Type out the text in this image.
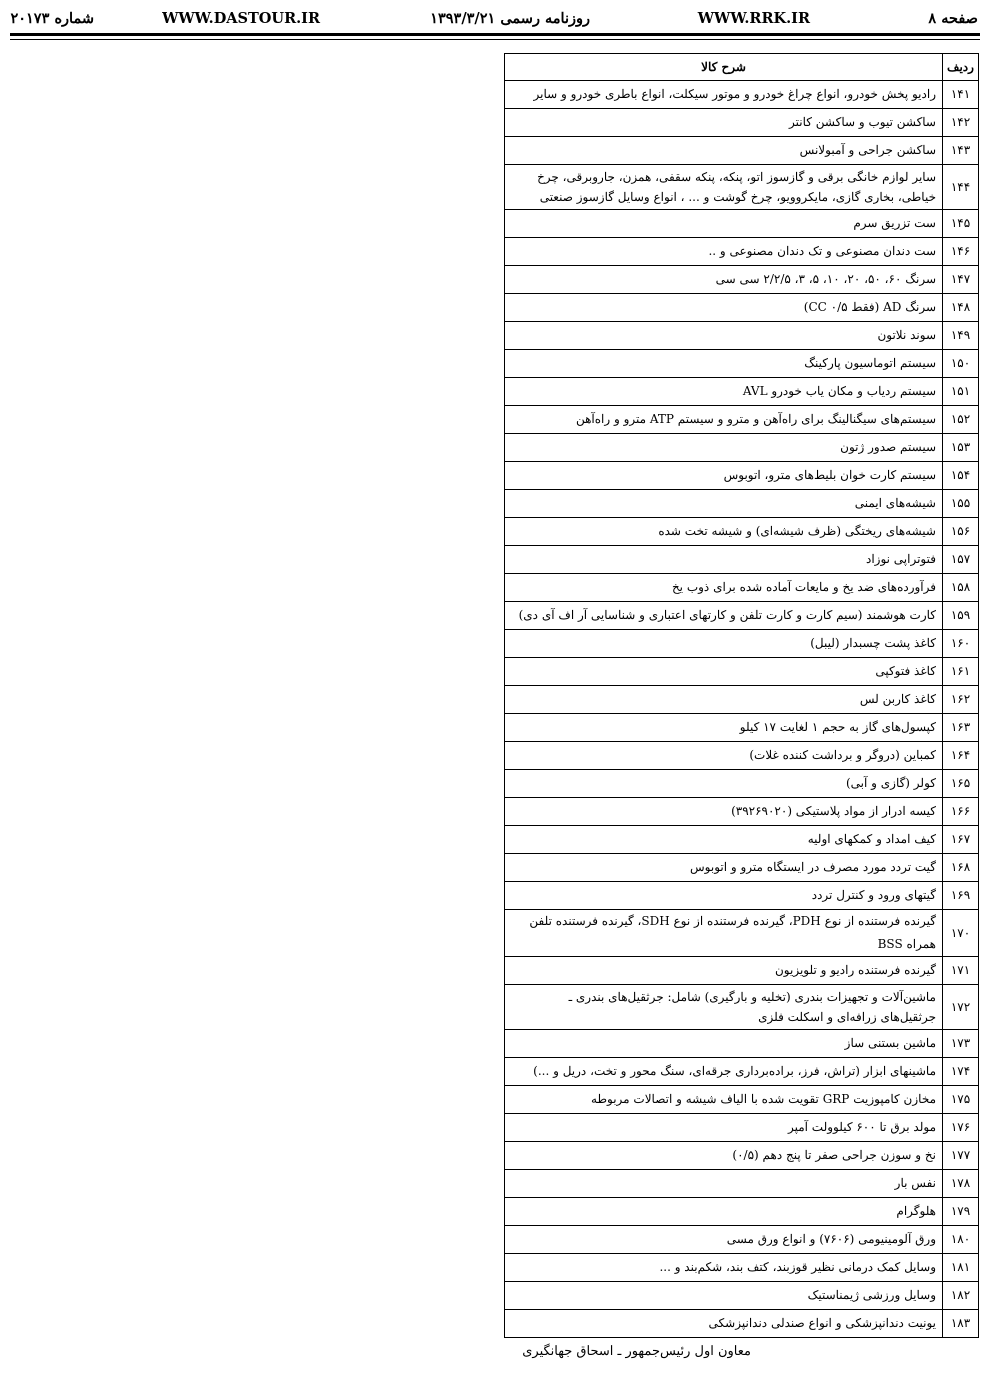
صفحه ۸
WWW.RRK.IR
روزنامه رسمی ۱۳۹۳/۳/۲۱
WWW.DASTOUR.IR
شماره ۲۰۱۷۳
ردیف	شرح کالا
۱۴۱	رادیو پخش خودرو، انواع چراغ خودرو و موتور سیکلت، انواع باطری خودرو و سایر
۱۴۲	ساکشن تیوب و ساکشن کانتر
۱۴۳	ساکشن جراحی و آمبولانس
۱۴۴	سایر لوازم خانگی برقی و گازسوز اتو، پنکه، پنکه سقفی، همزن، جاروبرقی، چرخ خیاطی، بخاری گازی، مایکروویو، چرخ گوشت و ... ، انواع وسایل گازسوز صنعتی
۱۴۵	ست تزریق سرم
۱۴۶	ست دندان مصنوعی و تک دندان مصنوعی و ..
۱۴۷	سرنگ ۶۰، ۵۰، ۲۰، ۱۰، ۵، ۳، ۲/۲/۵ سی سی
۱۴۸	سرنگ AD (فقط CC ۰/۵)
۱۴۹	سوند نلاتون
۱۵۰	سیستم اتوماسیون پارکینگ
۱۵۱	سیستم ردیاب و مکان یاب خودرو AVL
۱۵۲	سیستم‌های سیگنالینگ برای راه‌آهن و مترو و سیستم ATP مترو و راه‌آهن
۱۵۳	سیستم صدور ژتون
۱۵۴	سیستم کارت خوان بلیط‌های مترو، اتوبوس
۱۵۵	شیشه‌های ایمنی
۱۵۶	شیشه‌های ریختگی (ظرف شیشه‌ای) و شیشه تخت شده
۱۵۷	فتوتراپی نوزاد
۱۵۸	فرآورده‌های ضد یخ و مایعات آماده شده برای ذوب یخ
۱۵۹	کارت هوشمند (سیم کارت و کارت تلفن و کارتهای اعتباری و شناسایی آر اف آی دی)
۱۶۰	کاغذ پشت چسبدار (لیبل)
۱۶۱	کاغذ فتوکپی
۱۶۲	کاغذ کاربن لس
۱۶۳	کپسول‌های گاز به حجم ۱ لغایت ۱۷ کیلو
۱۶۴	کمباین (دروگر و برداشت کننده غلات)
۱۶۵	کولر (گازی و آبی)
۱۶۶	کیسه ادرار از مواد پلاستیکی (۳۹۲۶۹۰۲۰)
۱۶۷	کیف امداد و کمکهای اولیه
۱۶۸	گیت تردد مورد مصرف در ایستگاه مترو و اتوبوس
۱۶۹	گیتهای ورود و کنترل تردد
۱۷۰	گیرنده فرستنده از نوع PDH، گیرنده فرستنده از نوع SDH، گیرنده فرستنده تلفن همراه BSS
۱۷۱	گیرنده فرستنده رادیو و تلویزیون
۱۷۲	ماشین‌آلات و تجهیزات بندری (تخلیه و بارگیری) شامل: جرثقیل‌های بندری ـ جرثقیل‌های زرافه‌ای و اسکلت فلزی
۱۷۳	ماشین بستنی ساز
۱۷۴	ماشینهای ابزار (تراش، فرز، براده‌برداری جرقه‌ای، سنگ محور و تخت، دریل و ...)
۱۷۵	مخازن کامپوزیت GRP تقویت شده با الیاف شیشه و اتصالات مربوطه
۱۷۶	مولد برق تا ۶۰۰ کیلوولت آمپر
۱۷۷	نخ و سوزن جراحی صفر تا پنج دهم (۰/۵)
۱۷۸	نفس بار
۱۷۹	هلوگرام
۱۸۰	ورق آلومینیومی (۷۶۰۶) و انواع ورق مسی
۱۸۱	وسایل کمک درمانی نظیر قوزبند، کتف بند، شکم‌بند و ...
۱۸۲	وسایل ورزشی ژیمناستیک
۱۸۳	یونیت دندانپزشکی و انواع صندلی دندانپزشکی
معاون اول رئیس‌جمهور ـ اسحاق جهانگیری
